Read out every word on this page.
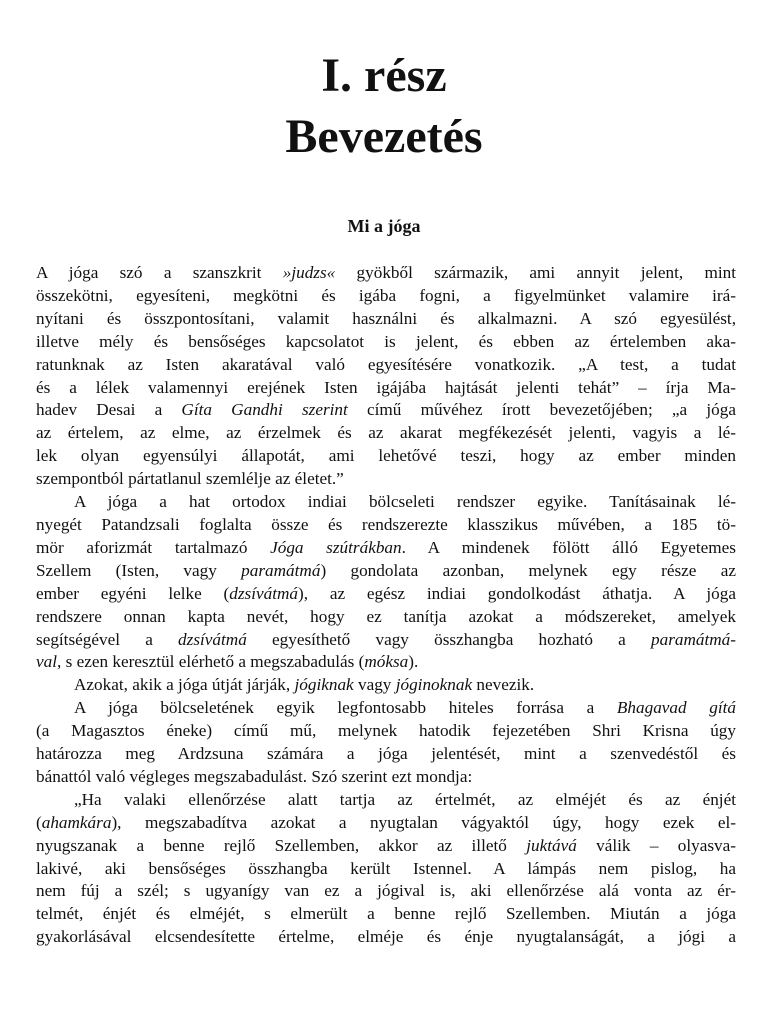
I. rész
Bevezetés
Mi a jóga
A jóga szó a szanszkrit »judzs« gyökből származik, ami annyit jelent, mint
összekötni, egyesíteni, megkötni és igába fogni, a figyelmünket valamire irá-
nyítani és összpontosítani, valamit használni és alkalmazni. A szó egyesülést,
illetve mély és bensőséges kapcsolatot is jelent, és ebben az értelemben aka-
ratunknak az Isten akaratával való egyesítésére vonatkozik. „A test, a tudat
és a lélek valamennyi erejének Isten igájába hajtását jelenti tehát” – írja Ma-
hadev Desai a Gíta Gandhi szerint című művéhez írott bevezetőjében; „a jóga
az értelem, az elme, az érzelmek és az akarat megfékezését jelenti, vagyis a lé-
lek olyan egyensúlyi állapotát, ami lehetővé teszi, hogy az ember minden
szempontból pártatlanul szemlélje az életet.”
A jóga a hat ortodox indiai bölcseleti rendszer egyike. Tanításainak lé-
nyegét Patandzsali foglalta össze és rendszerezte klasszikus művében, a 185 tö-
mör aforizmát tartalmazó Jóga szútrákban. A mindenek fölött álló Egyetemes
Szellem (Isten, vagy paramátmá) gondolata azonban, melynek egy része az
ember egyéni lelke (dzsívátmá), az egész indiai gondolkodást áthatja. A jóga
rendszere onnan kapta nevét, hogy ez tanítja azokat a módszereket, amelyek
segítségével a dzsívátmá egyesíthető vagy összhangba hozható a paramátmá-
val, s ezen keresztül elérhető a megszabadulás (móksa).
Azokat, akik a jóga útját járják, jógiknak vagy jóginoknak nevezik.
A jóga bölcseletének egyik legfontosabb hiteles forrása a Bhagavad gítá
(a Magasztos éneke) című mű, melynek hatodik fejezetében Shri Krisna úgy
határozza meg Ardzsuna számára a jóga jelentését, mint a szenvedéstől és
bánattól való végleges megszabadulást. Szó szerint ezt mondja:
„Ha valaki ellenőrzése alatt tartja az értelmét, az elméjét és az énjét
(ahamkára), megszabadítva azokat a nyugtalan vágyaktól úgy, hogy ezek el-
nyugszanak a benne rejlő Szellemben, akkor az illető juktává válik – olyasva-
lakivé, aki bensőséges összhangba került Istennel. A lámpás nem pislog, ha
nem fúj a szél; s ugyanígy van ez a jógival is, aki ellenőrzése alá vonta az ér-
telmét, énjét és elméjét, s elmerült a benne rejlő Szellemben. Miután a jóga
gyakorlásával elcsendesítette értelme, elméje és énje nyugtalanságát, a jógi a
